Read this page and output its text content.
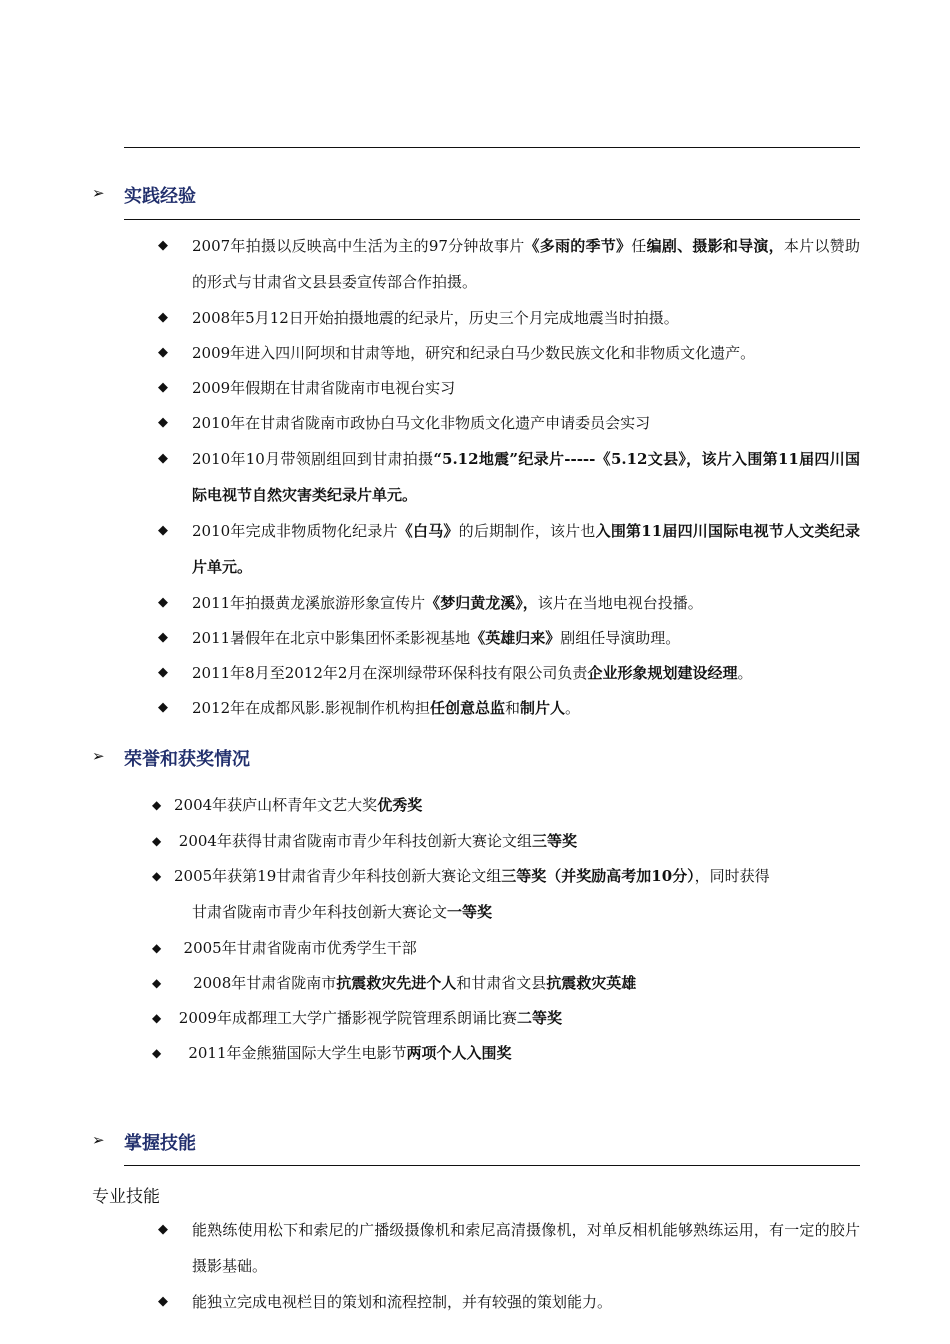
➢ 实践经验
◆ 2007年拍摄以反映高中生活为主的97分钟故事片《多雨的季节》任编剧、摄影和导演，本片以赞助的形式与甘肃省文县县委宣传部合作拍摄。
◆ 2008年5月12日开始拍摄地震的纪录片，历史三个月完成地震当时拍摄。
◆ 2009年进入四川阿坝和甘肃等地，研究和纪录白马少数民族文化和非物质文化遗产。
◆ 2009年假期在甘肃省陇南市电视台实习
◆ 2010年在甘肃省陇南市政协白马文化非物质文化遗产申请委员会实习
◆ 2010年10月带领剧组回到甘肃拍摄“5.12地震”纪录片-----《5.12文县》，该片入围第11届四川国际电视节自然灾害类纪录片单元。
◆ 2010年完成非物质物化纪录片《白马》的后期制作，该片也入围第11届四川国际电视节人文类纪录片单元。
◆ 2011年拍摄黄龙溪旅游形象宣传片《梦归黄龙溪》，该片在当地电视台投播。
◆ 2011暑假年在北京中影集团怀柔影视基地《英雄归来》剧组任导演助理。
◆ 2011年8月至2012年2月在深圳绿带环保科技有限公司负责企业形象规划建设经理。
◆ 2012年在成都风影.影视制作机构担任创意总监和制片人。
➢ 荣誉和获奖情况
◆ 2004年获庐山杯青年文艺大奖优秀奖
◆ 2004年获得甘肃省陇南市青少年科技创新大赛论文组三等奖
◆ 2005年获第19甘肃省青少年科技创新大赛论文组三等奖（并奖励高考加10分），同时获得
甘肃省陇南市青少年科技创新大赛论文一等奖
◆ 2005年甘肃省陇南市优秀学生干部
◆ 2008年甘肃省陇南市抗震救灾先进个人和甘肃省文县抗震救灾英雄
◆ 2009年成都理工大学广播影视学院管理系朗诵比赛二等奖
◆ 2011年金熊猫国际大学生电影节两项个人入围奖
➢ 掌握技能
专业技能
◆ 能熟练使用松下和索尼的广播级摄像机和索尼高清摄像机，对单反相机能够熟练运用，有一定的胶片摄影基础。
◆ 能独立完成电视栏目的策划和流程控制，并有较强的策划能力。
